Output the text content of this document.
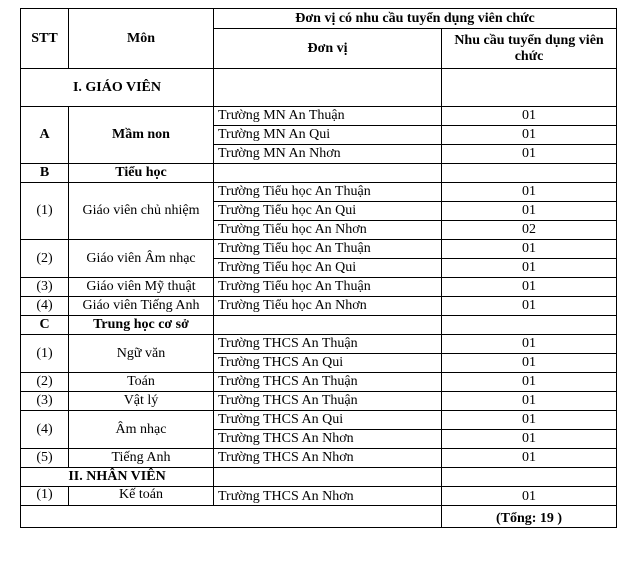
STT	Môn	Đơn vị có nhu cầu tuyển dụng viên chức	
		Đơn vị	Nhu cầu tuyển dụng viên chức
I. GIÁO VIÊN			
A	Mầm non	Trường MN An Thuận	01
		Trường MN An Qui	01
		Trường MN An Nhơn	01
B	Tiểu học		
(1)	Giáo viên chủ nhiệm	Trường Tiểu học An Thuận	01
		Trường Tiểu học An Qui	01
		Trường Tiểu học An Nhơn	02
(2)	Giáo viên Âm nhạc	Trường Tiểu học An Thuận	01
		Trường Tiểu học An Qui	01
(3)	Giáo viên Mỹ thuật	Trường Tiểu học An Thuận	01
(4)	Giáo viên Tiếng Anh	Trường Tiểu học An Nhơn	01
C	Trung học cơ sở		
(1)	Ngữ văn	Trường THCS An Thuận	01
		Trường THCS An Qui	01
(2)	Toán	Trường THCS An Thuận	01
(3)	Vật lý	Trường THCS An Thuận	01
(4)	Âm nhạc	Trường THCS An Qui	01
		Trường THCS An Nhơn	01
(5)	Tiếng Anh	Trường THCS An Nhơn	01
II. NHÂN VIÊN			
(1)	Kế toán	Trường THCS An Nhơn	01
			(Tổng: 19 )
